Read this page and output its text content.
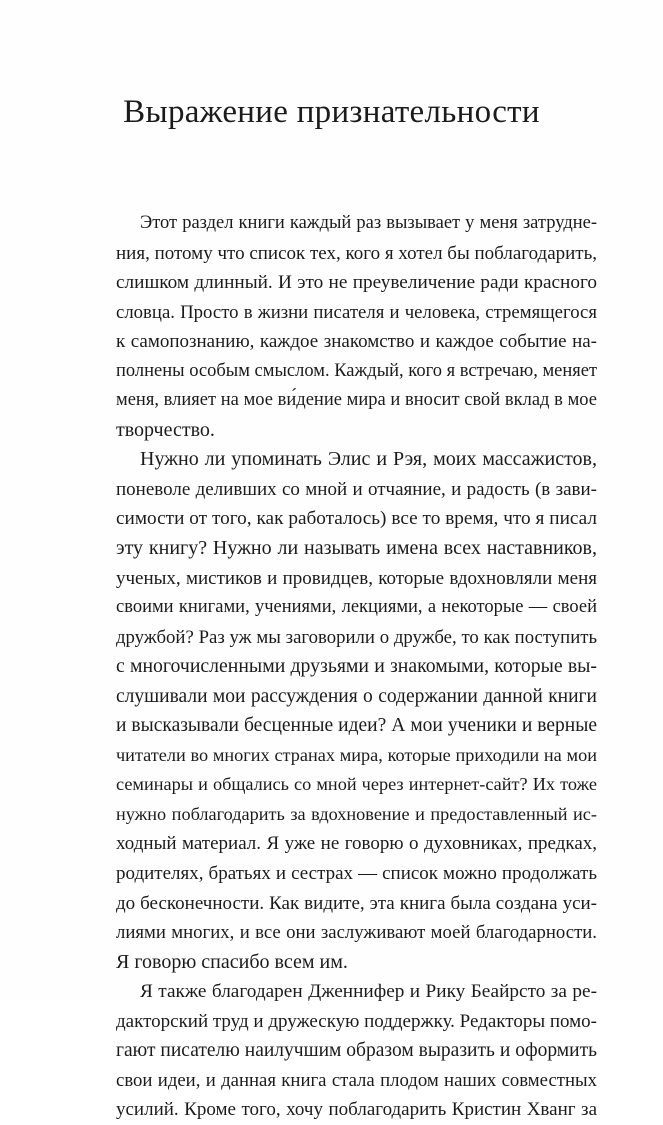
Выражение признательности
Этот раздел книги каждый раз вызывает у меня затрудне-
ния, потому что список тех, кого я хотел бы поблагодарить,
слишком длинный. И это не преувеличение ради красного
словца. Просто в жизни писателя и человека, стремящегося
к самопознанию, каждое знакомство и каждое событие на-
полнены особым смыслом. Каждый, кого я встречаю, меняет
меня, влияет на мое ви́дение мира и вносит свой вклад в мое
творчество.
Нужно ли упоминать Элис и Рэя, моих массажистов,
поневоле деливших со мной и отчаяние, и радость (в зави-
симости от того, как работалось) все то время, что я писал
эту книгу? Нужно ли называть имена всех наставников,
ученых, мистиков и провидцев, которые вдохновляли меня
своими книгами, учениями, лекциями, а некоторые — своей
дружбой? Раз уж мы заговорили о дружбе, то как поступить
с многочисленными друзьями и знакомыми, которые вы-
слушивали мои рассуждения о содержании данной книги
и высказывали бесценные идеи? А мои ученики и верные
читатели во многих странах мира, которые приходили на мои
семинары и общались со мной через интернет-сайт? Их тоже
нужно поблагодарить за вдохновение и предоставленный ис-
ходный материал. Я уже не говорю о духовниках, предках,
родителях, братьях и сестрах — список можно продолжать
до бесконечности. Как видите, эта книга была создана уси-
лиями многих, и все они заслуживают моей благодарности.
Я говорю спасибо всем им.
Я также благодарен Дженнифер и Рику Беайрсто за ре-
дакторский труд и дружескую поддержку. Редакторы помо-
гают писателю наилучшим образом выразить и оформить
свои идеи, и данная книга стала плодом наших совместных
усилий. Кроме того, хочу поблагодарить Кристин Хванг за
